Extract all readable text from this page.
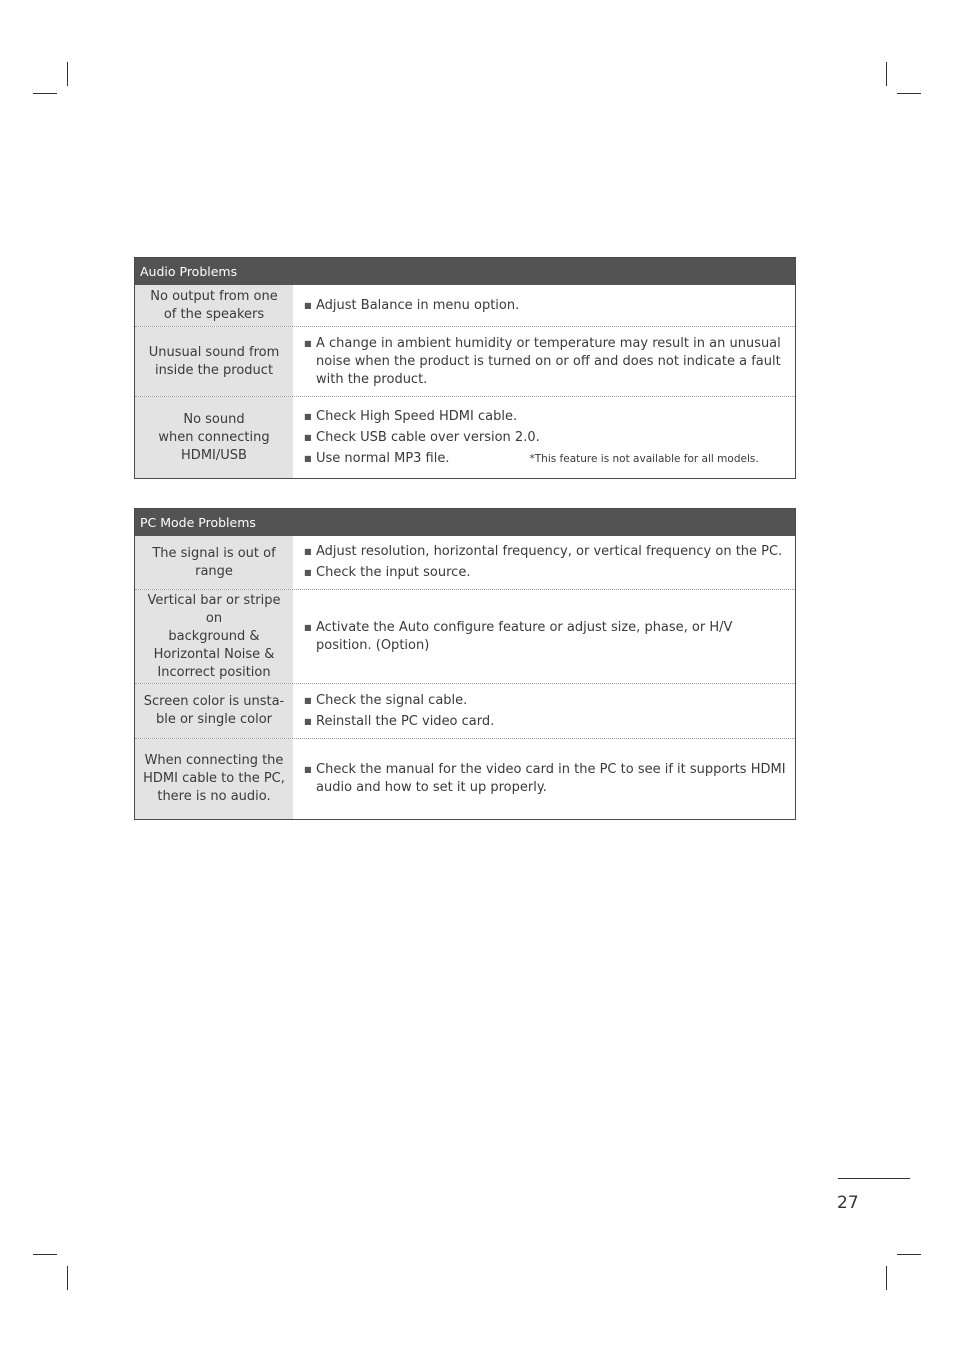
Audio Problems
No output from one
of the speakers
■ Adjust Balance in menu option.
Unusual sound from
inside the product
■ A change in ambient humidity or temperature may result in an unusual noise when the product is turned on or off and does not indicate a fault with the product.
No sound
when connecting
HDMI/USB
■ Check High Speed HDMI cable.
■ Check USB cable over version 2.0.
■ Use normal MP3 file.	*This feature is not available for all models.
PC Mode Problems
The signal is out of
range
■ Adjust resolution, horizontal frequency, or vertical frequency on the PC.
■ Check the input source.
Vertical bar or stripe
on
background &
Horizontal Noise &
Incorrect position
■ Activate the Auto configure feature or adjust size, phase, or H/V position. (Option)
Screen color is unsta-
ble or single color
■ Check the signal cable.
■ Reinstall the PC video card.
When connecting the
HDMI cable to the PC,
there is no audio.
■ Check the manual for the video card in the PC to see if it supports HDMI audio and how to set it up properly.
27
